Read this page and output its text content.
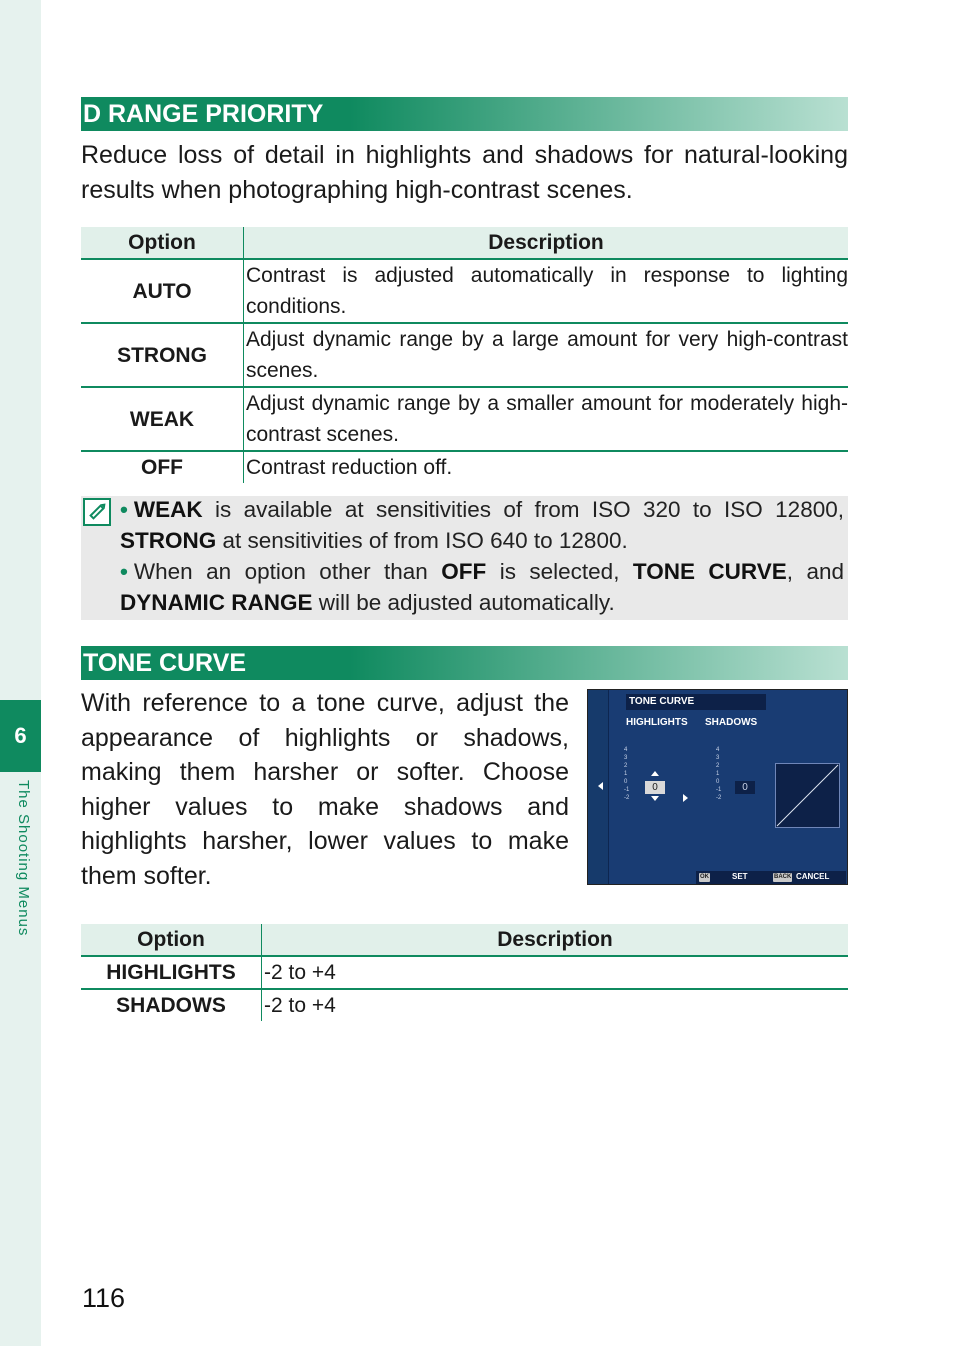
6
The Shooting Menus
D RANGE PRIORITY
Reduce loss of detail in highlights and shadows for natural-looking results when photographing high-contrast scenes.
Option	Description
AUTO	Contrast is adjusted automatically in response to lighting conditions.
STRONG	Adjust dynamic range by a large amount for very high-contrast scenes.
WEAK	Adjust dynamic range by a smaller amount for moderately high-contrast scenes.
OFF	Contrast reduction off.
• WEAK is available at sensitivities of from ISO 320 to ISO 12800, STRONG at sensitivities of from ISO 640 to 12800.
• When an option other than OFF is selected, TONE CURVE, and DYNAMIC RANGE will be adjusted automatically.
TONE CURVE
With reference to a tone curve, adjust the appearance of highlights or shadows, making them harsher or softer. Choose higher values to make shadows and highlights harsher, lower values to make them softer.
TONE CURVE
HIGHLIGHTS SHADOWS
4
3
2
1
0
-1
-2
4
3
2
1
0
-1
-2
0	0
OK	SET	BACK CANCEL
Option	Description
HIGHLIGHTS	-2 to +4
SHADOWS	-2 to +4
116
